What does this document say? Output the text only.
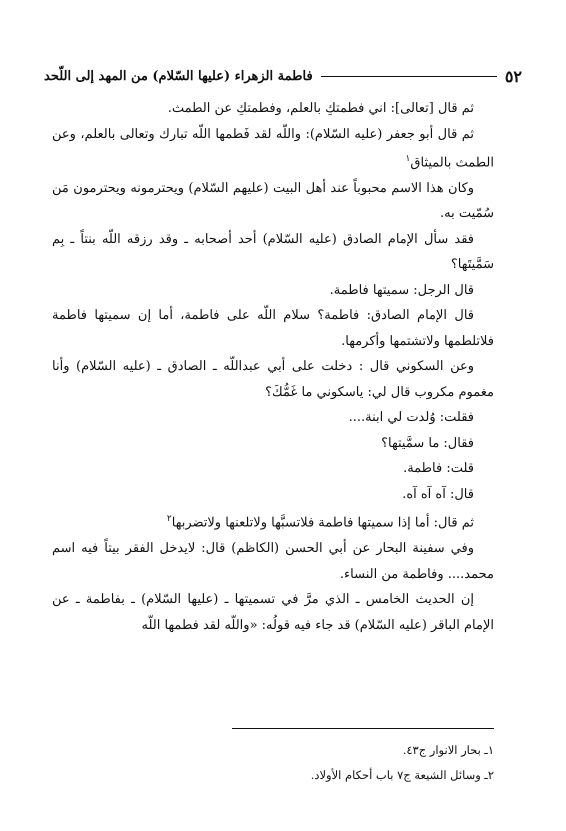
٥٢
فاطمة الزهراء (عليها السّلام) من المهد إلى اللّحد

ثم قال [تعالى]: اني فطمتكِ بالعلم، وفطمتكِ عن الطمث.

ثم قال أبو جعفر (عليه السّلام): واللّه لقد فَطمها اللّه تبارك وتعالى بالعلم، وعن الطمث بالميثاق$^١$

وكان هذا الاسم محبوباً عند أهل البيت (عليهم السّلام) ويحترمونه ويحترمون مَن سُمّيت به.

فقد سأل الإمام الصادق (عليه السّلام) أحد أصحابه ـ وقد رزقه اللّه بنتاً ـ بِم سَمَّيتَها؟

قال الرجل: سميتها فاطمة.

قال الإمام الصادق: فاطمة؟ سلام اللّه على فاطمة، أما إن سميتها فاطمة فلاتلطمها ولاتشتمها وأكرمها.

وعن السكوني قال : دخلت على أبي عبداللّه ـ الصادق ـ (عليه السّلام) وأنا مغموم مكروب قال لي: ياسكوني ما غَمُّكَ؟

فقلت: وُلدت لي ابنة....

فقال: ما سمَّيتها؟

قلت: فاطمة.

قال: آه آه آه.

ثم قال: أما إذا سميتها فاطمة فلاتسبَّها ولاتلعنها ولاتضربها$^٢$

وفي سفينة البحار عن أبي الحسن (الكاظم) قال: لايدخل الفقر بيتاً فيه اسم محمد.... وفاطمة من النساء.

إن الحديث الخامس ـ الذي مرَّ في تسميتها ـ (عليها السّلام) ـ بفاطمة ـ عن الإمام الباقر (عليه السّلام) قد جاء فيه قولُه: «واللّه لقد فطمها اللّه

١ـ بحار الانوار ج٤٣.

٢ـ وسائل الشيعة ج٧ باب أحكام الأولاد.
